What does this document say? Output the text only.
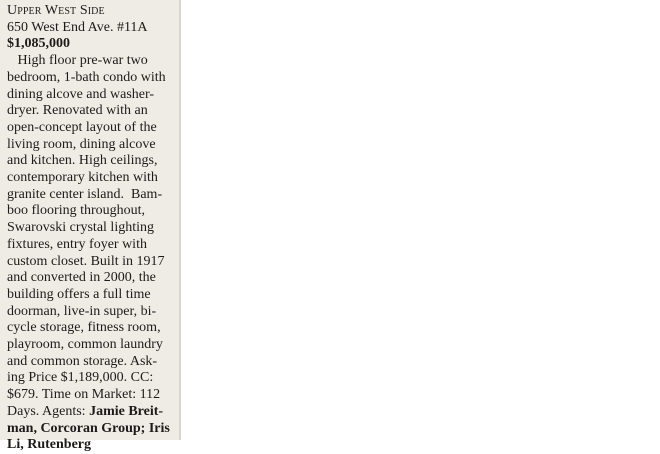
Upper West Side
650 West End Ave. #11A
$1,085,000
High floor pre-war two
bedroom, 1-bath condo with
dining alcove and washer-
dryer. Renovated with an
open-concept layout of the
living room, dining alcove
and kitchen. High ceilings,
contemporary kitchen with
granite center island.  Bam-
boo flooring throughout,
Swarovski crystal lighting
fixtures, entry foyer with
custom closet. Built in 1917
and converted in 2000, the
building offers a full time
doorman, live-in super, bi-
cycle storage, fitness room,
playroom, common laundry
and common storage. Ask-
ing Price $1,189,000. CC:
$679. Time on Market: 112
Days. Agents: Jamie Breit-
man, Corcoran Group; Iris
Li, Rutenberg
